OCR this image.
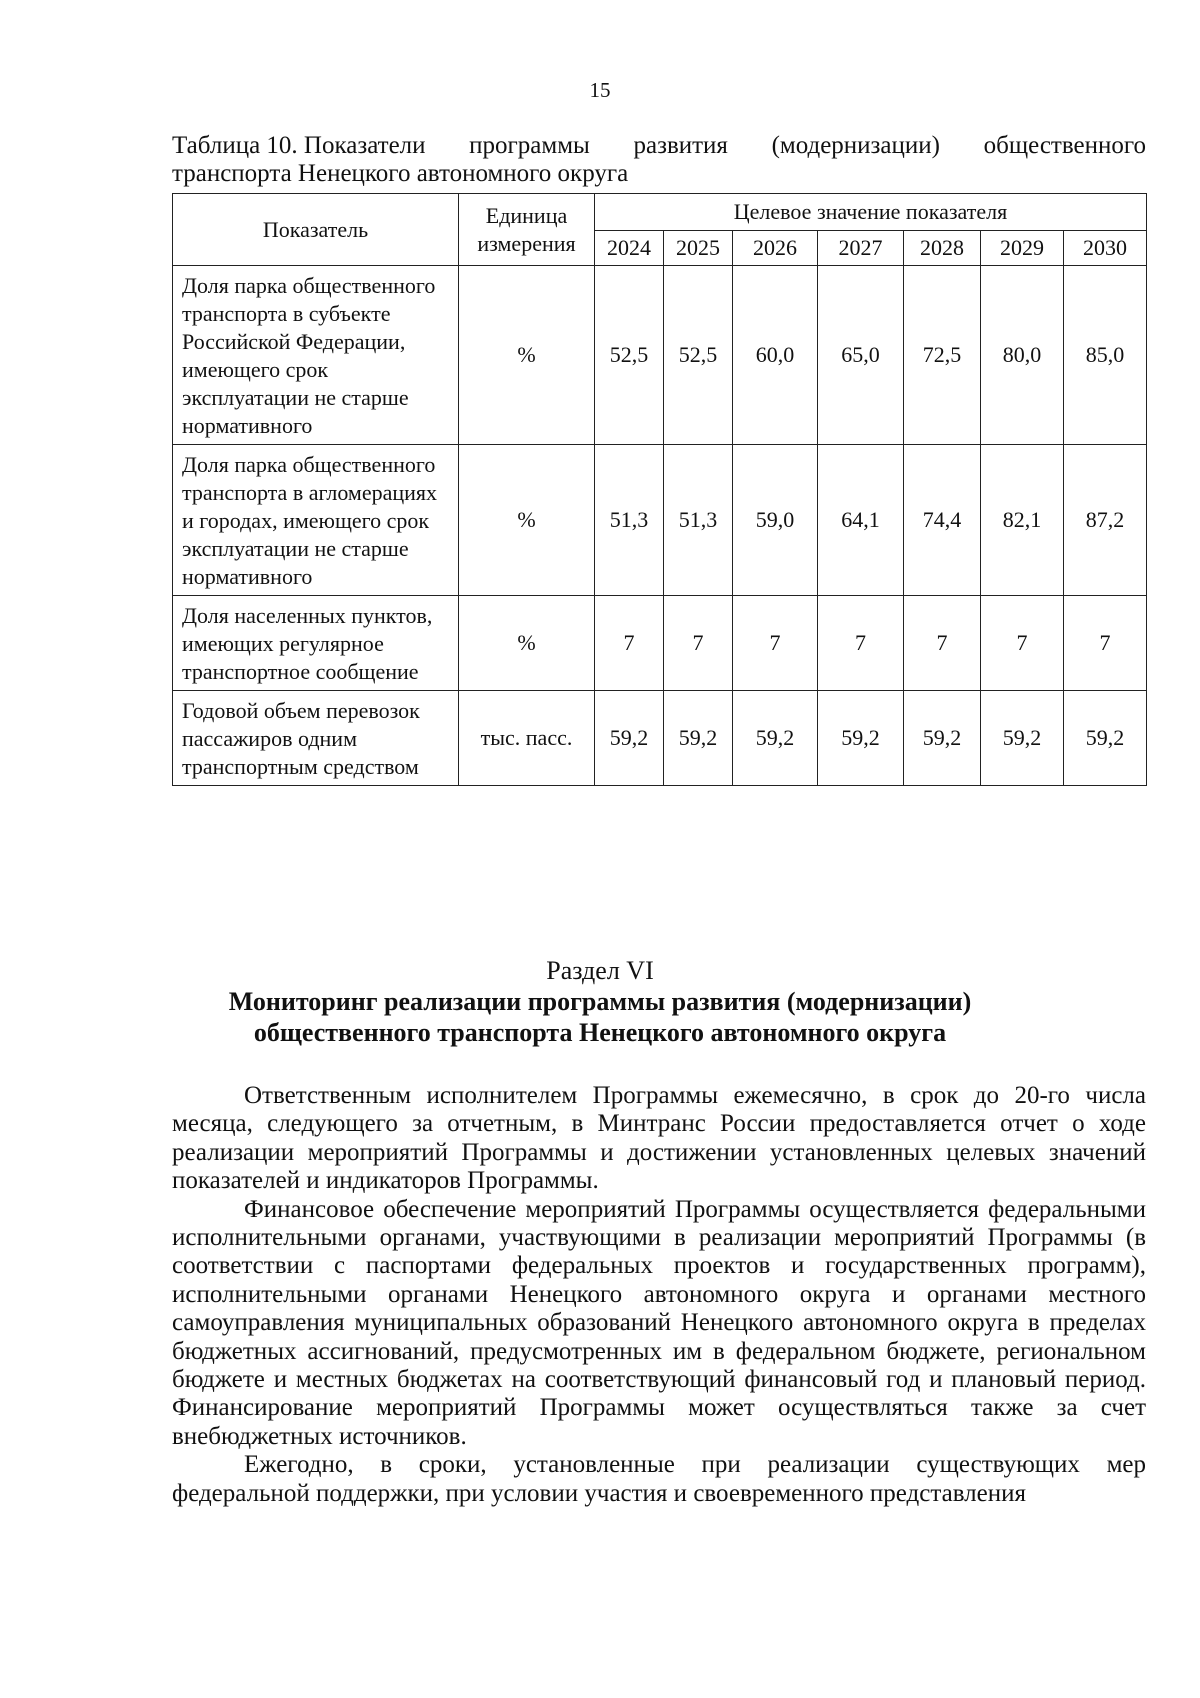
15
Таблица 10. Показатели программы развития (модернизации) общественного
транспорта Ненецкого автономного округа
Показатель	Единица измерения	Целевое значение показателя						
		2024	2025	2026	2027	2028	2029	2030
Доля парка общественного транспорта в субъекте Российской Федерации, имеющего срок эксплуатации не старше нормативного	%	52,5	52,5	60,0	65,0	72,5	80,0	85,0
Доля парка общественного транспорта в агломерациях и городах, имеющего срок эксплуатации не старше нормативного	%	51,3	51,3	59,0	64,1	74,4	82,1	87,2
Доля населенных пунктов, имеющих регулярное транспортное сообщение	%	7	7	7	7	7	7	7
Годовой объем перевозок пассажиров одним транспортным средством	тыс. пасс.	59,2	59,2	59,2	59,2	59,2	59,2	59,2
Раздел VI
Мониторинг реализации программы развития (модернизации)
общественного транспорта Ненецкого автономного округа

Ответственным исполнителем Программы ежемесячно, в срок до 20-го числа месяца, следующего за отчетным, в Минтранс России предоставляется отчет о ходе реализации мероприятий Программы и достижении установленных целевых значений показателей и индикаторов Программы.

Финансовое обеспечение мероприятий Программы осуществляется федеральными исполнительными органами, участвующими в реализации мероприятий Программы (в соответствии с паспортами федеральных проектов и государственных программ), исполнительными органами Ненецкого автономного округа и органами местного самоуправления муниципальных образований Ненецкого автономного округа в пределах бюджетных ассигнований, предусмотренных им в федеральном бюджете, региональном бюджете и местных бюджетах на соответствующий финансовый год и плановый период. Финансирование мероприятий Программы может осуществляться также за счет внебюджетных источников.

Ежегодно, в сроки, установленные при реализации существующих мер федеральной поддержки, при условии участия и своевременного представления
